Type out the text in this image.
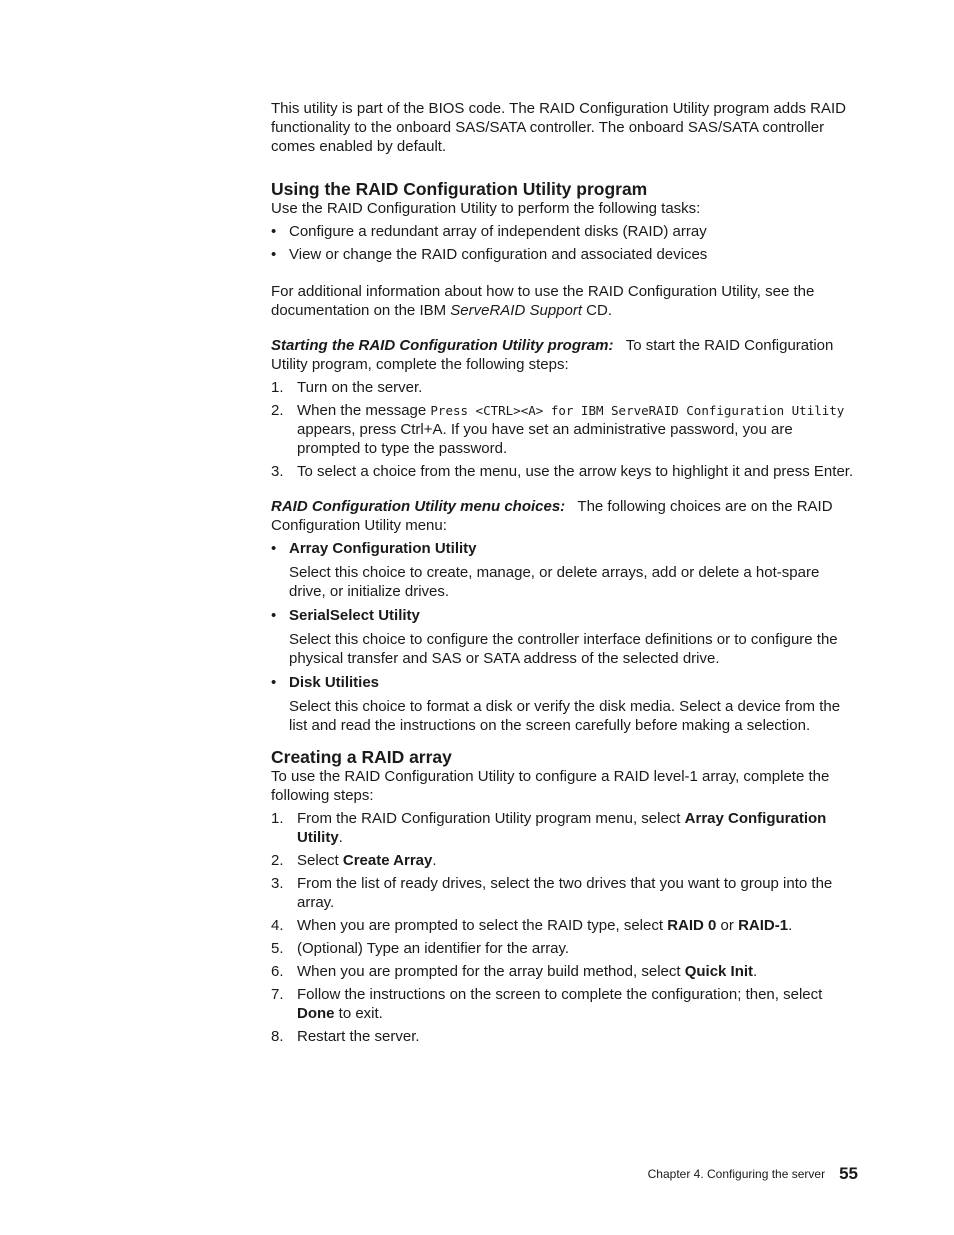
This utility is part of the BIOS code. The RAID Configuration Utility program adds RAID functionality to the onboard SAS/SATA controller. The onboard SAS/SATA controller comes enabled by default.

Using the RAID Configuration Utility program

Use the RAID Configuration Utility to perform the following tasks:

• Configure a redundant array of independent disks (RAID) array
• View or change the RAID configuration and associated devices

For additional information about how to use the RAID Configuration Utility, see the documentation on the IBM ServeRAID Support CD.

Starting the RAID Configuration Utility program: To start the RAID Configuration Utility program, complete the following steps:

1. Turn on the server.
2. When the message Press <CTRL><A> for IBM ServeRAID Configuration Utility appears, press Ctrl+A. If you have set an administrative password, you are prompted to type the password.
3. To select a choice from the menu, use the arrow keys to highlight it and press Enter.

RAID Configuration Utility menu choices: The following choices are on the RAID Configuration Utility menu:

• Array Configuration Utility
Select this choice to create, manage, or delete arrays, add or delete a hot-spare drive, or initialize drives.
• SerialSelect Utility
Select this choice to configure the controller interface definitions or to configure the physical transfer and SAS or SATA address of the selected drive.
• Disk Utilities
Select this choice to format a disk or verify the disk media. Select a device from the list and read the instructions on the screen carefully before making a selection.
Creating a RAID array

To use the RAID Configuration Utility to configure a RAID level-1 array, complete the following steps:

1. From the RAID Configuration Utility program menu, select Array Configuration Utility.
2. Select Create Array.
3. From the list of ready drives, select the two drives that you want to group into the array.
4. When you are prompted to select the RAID type, select RAID 0 or RAID-1.
5. (Optional) Type an identifier for the array.
6. When you are prompted for the array build method, select Quick Init.
7. Follow the instructions on the screen to complete the configuration; then, select Done to exit.
8. Restart the server.
Chapter 4. Configuring the server 55
